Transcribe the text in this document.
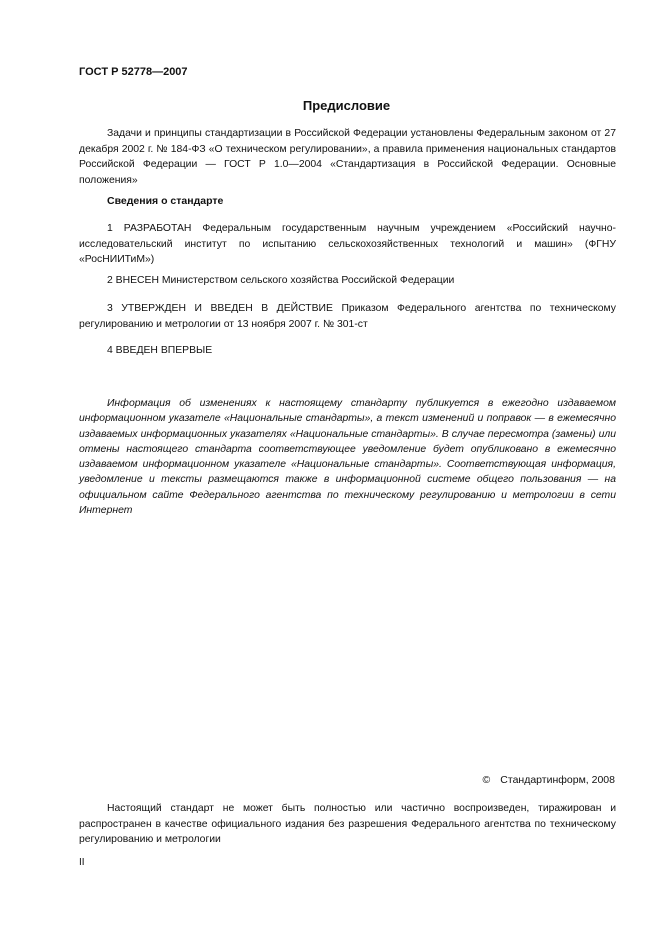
ГОСТ Р 52778—2007
Предисловие

Задачи и принципы стандартизации в Российской Федерации установлены Федеральным законом от 27 декабря 2002 г. № 184-ФЗ «О техническом регулировании», а правила применения национальных стандартов Российской Федерации — ГОСТ Р 1.0—2004 «Стандартизация в Российской Федерации. Основные положения»

Сведения о стандарте

1 РАЗРАБОТАН Федеральным государственным научным учреждением «Российский научно-исследовательский институт по испытанию сельскохозяйственных технологий и машин» (ФГНУ «РосНИИТиМ»)

2 ВНЕСЕН Министерством сельского хозяйства Российской Федерации

3 УТВЕРЖДЕН И ВВЕДЕН В ДЕЙСТВИЕ Приказом Федерального агентства по техническому регулированию и метрологии от 13 ноября 2007 г. № 301-ст

4 ВВЕДЕН ВПЕРВЫЕ

Информация об изменениях к настоящему стандарту публикуется в ежегодно издаваемом информационном указателе «Национальные стандарты», а текст изменений и поправок — в ежемесячно издаваемых информационных указателях «Национальные стандарты». В случае пересмотра (замены) или отмены настоящего стандарта соответствующее уведомление будет опубликовано в ежемесячно издаваемом информационном указателе «Национальные стандарты». Соответствующая информация, уведомление и тексты размещаются также в информационной системе общего пользования — на официальном сайте Федерального агентства по техническому регулированию и метрологии в сети Интернет

© Стандартинформ, 2008

Настоящий стандарт не может быть полностью или частично воспроизведен, тиражирован и распространен в качестве официального издания без разрешения Федерального агентства по техническому регулированию и метрологии

II
